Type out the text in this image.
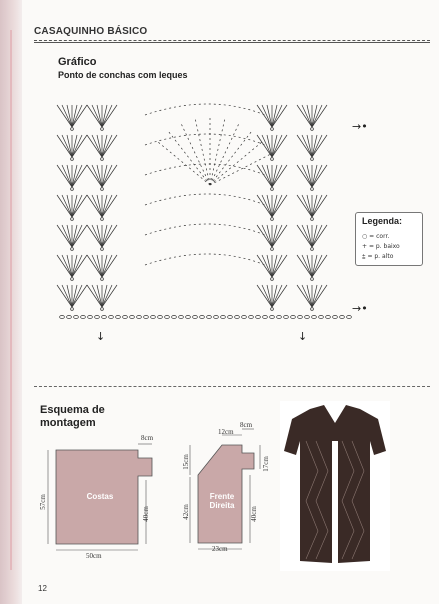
CASAQUINHO BÁSICO
Gráfico
Ponto de conchas com leques
→•
→•
↓	↓
Legenda:
○ = corr.
+ = p. baixo
⩲ = p. alto
Esquema de montagem
8cm
57cm
40cm
50cm
Costas
12cm
8cm
15cm
42cm
17cm
40cm
23cm
Frente Direita
12
